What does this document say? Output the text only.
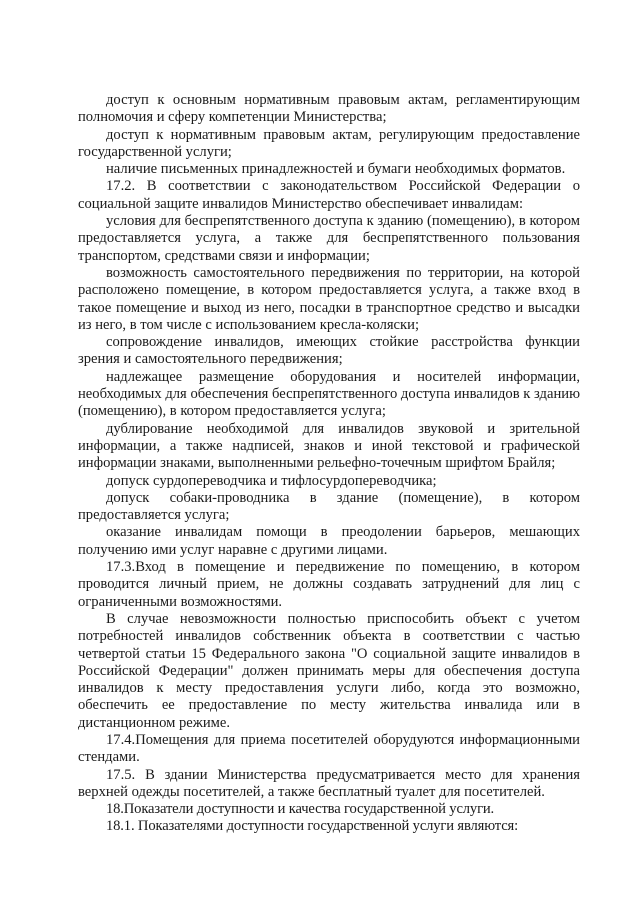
доступ к основным нормативным правовым актам, регламентирующим полномочия и сферу компетенции Министерства;

доступ к нормативным правовым актам, регулирующим предоставление государственной услуги;

наличие письменных принадлежностей и бумаги необходимых форматов.

17.2. В соответствии с законодательством Российской Федерации о социальной защите инвалидов Министерство обеспечивает инвалидам:

условия для беспрепятственного доступа к зданию (помещению), в котором предоставляется услуга, а также для беспрепятственного пользования транспортом, средствами связи и информации;

возможность самостоятельного передвижения по территории, на которой расположено помещение, в котором предоставляется услуга, а также вход в такое помещение и выход из него, посадки в транспортное средство и высадки из него, в том числе с использованием кресла-коляски;

сопровождение инвалидов, имеющих стойкие расстройства функции зрения и самостоятельного передвижения;

надлежащее размещение оборудования и носителей информации, необходимых для обеспечения беспрепятственного доступа инвалидов к зданию (помещению), в котором предоставляется услуга;

дублирование необходимой для инвалидов звуковой и зрительной информации, а также надписей, знаков и иной текстовой и графической информации знаками, выполненными рельефно-точечным шрифтом Брайля;

допуск сурдопереводчика и тифлосурдопереводчика;

допуск собаки-проводника в здание (помещение), в котором предоставляется услуга;

оказание инвалидам помощи в преодолении барьеров, мешающих получению ими услуг наравне с другими лицами.

17.3.Вход в помещение и передвижение по помещению, в котором проводится личный прием, не должны создавать затруднений для лиц с ограниченными возможностями.

В случае невозможности полностью приспособить объект с учетом потребностей инвалидов собственник объекта в соответствии с частью четвертой статьи 15 Федерального закона "О социальной защите инвалидов в Российской Федерации" должен принимать меры для обеспечения доступа инвалидов к месту предоставления услуги либо, когда это возможно, обеспечить ее предоставление по месту жительства инвалида или в дистанционном режиме.

17.4.Помещения для приема посетителей оборудуются информационными стендами.

17.5. В здании Министерства предусматривается место для хранения верхней одежды посетителей, а также бесплатный туалет для посетителей.

18.Показатели доступности и качества государственной услуги.

18.1. Показателями доступности государственной услуги являются:
